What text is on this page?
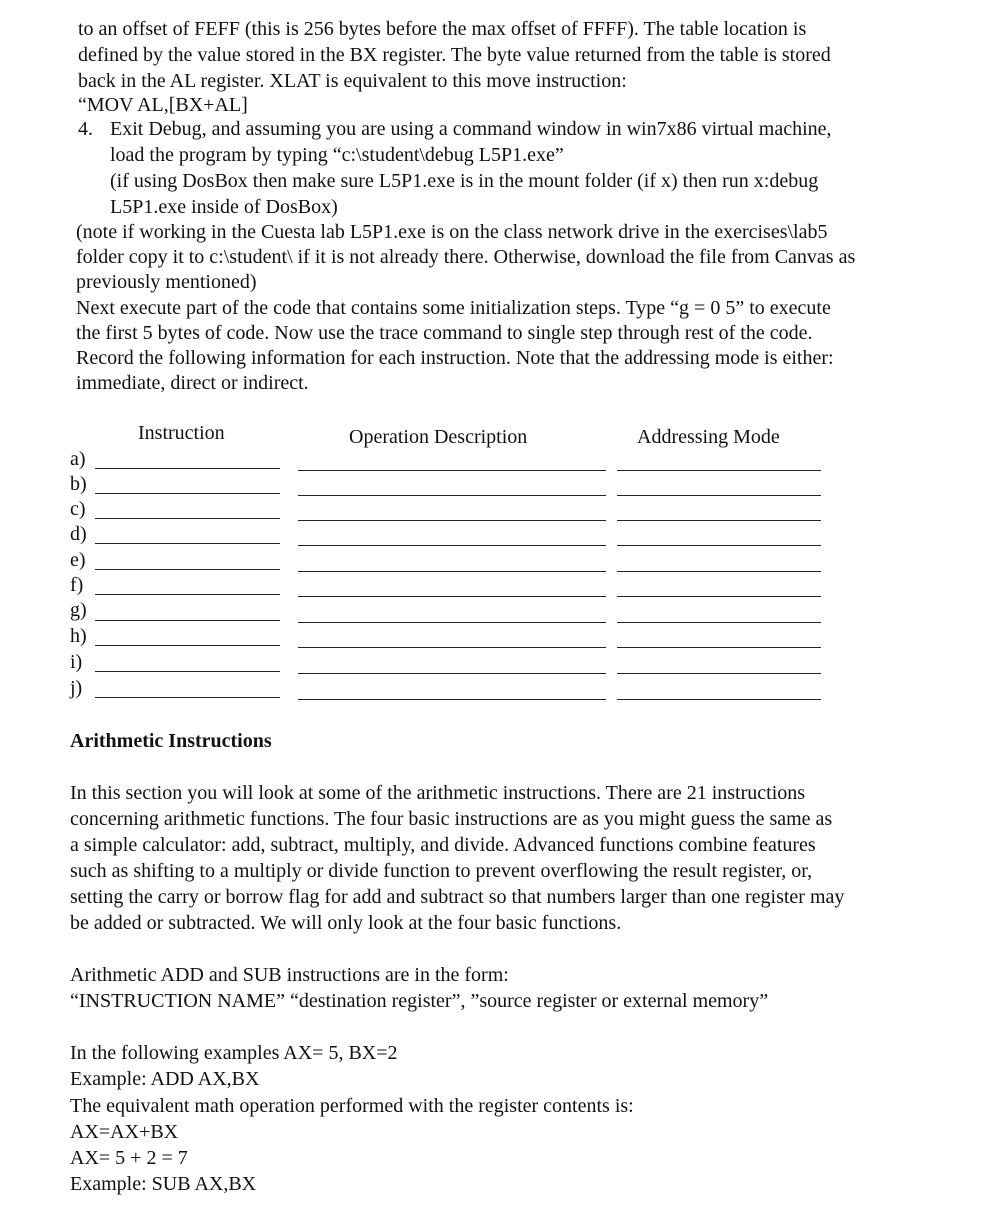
to an offset of FEFF (this is 256 bytes before the max offset of FFFF). The table location is

defined by the value stored in the BX register. The byte value returned from the table is stored

back in the AL register. XLAT is equivalent to this move instruction:

“MOV AL,[BX+AL]

4. Exit Debug, and assuming you are using a command window in win7x86 virtual machine,

load the program by typing “c:\student\debug L5P1.exe”

(if using DosBox then make sure L5P1.exe is in the mount folder (if x) then run x:debug

L5P1.exe inside of DosBox)

(note if working in the Cuesta lab L5P1.exe is on the class network drive in the exercises\lab5

folder copy it to c:\student\ if it is not already there. Otherwise, download the file from Canvas as

previously mentioned)

Next execute part of the code that contains some initialization steps. Type “g = 0 5” to execute

the first 5 bytes of code. Now use the trace command to single step through rest of the code.

Record the following information for each instruction. Note that the addressing mode is either:

immediate, direct or indirect.

Instruction	Operation Description	Addressing Mode
a)
b)
c)
d)
e)
f)
g)
h)
i)
j)
Arithmetic Instructions

In this section you will look at some of the arithmetic instructions. There are 21 instructions

concerning arithmetic functions. The four basic instructions are as you might guess the same as

a simple calculator: add, subtract, multiply, and divide. Advanced functions combine features

such as shifting to a multiply or divide function to prevent overflowing the result register, or,

setting the carry or borrow flag for add and subtract so that numbers larger than one register may

be added or subtracted. We will only look at the four basic functions.

Arithmetic ADD and SUB instructions are in the form:

“INSTRUCTION NAME” “destination register”, ”source register or external memory”

In the following examples AX= 5, BX=2

Example: ADD AX,BX

The equivalent math operation performed with the register contents is:

AX=AX+BX

AX= 5 + 2 = 7

Example: SUB AX,BX
